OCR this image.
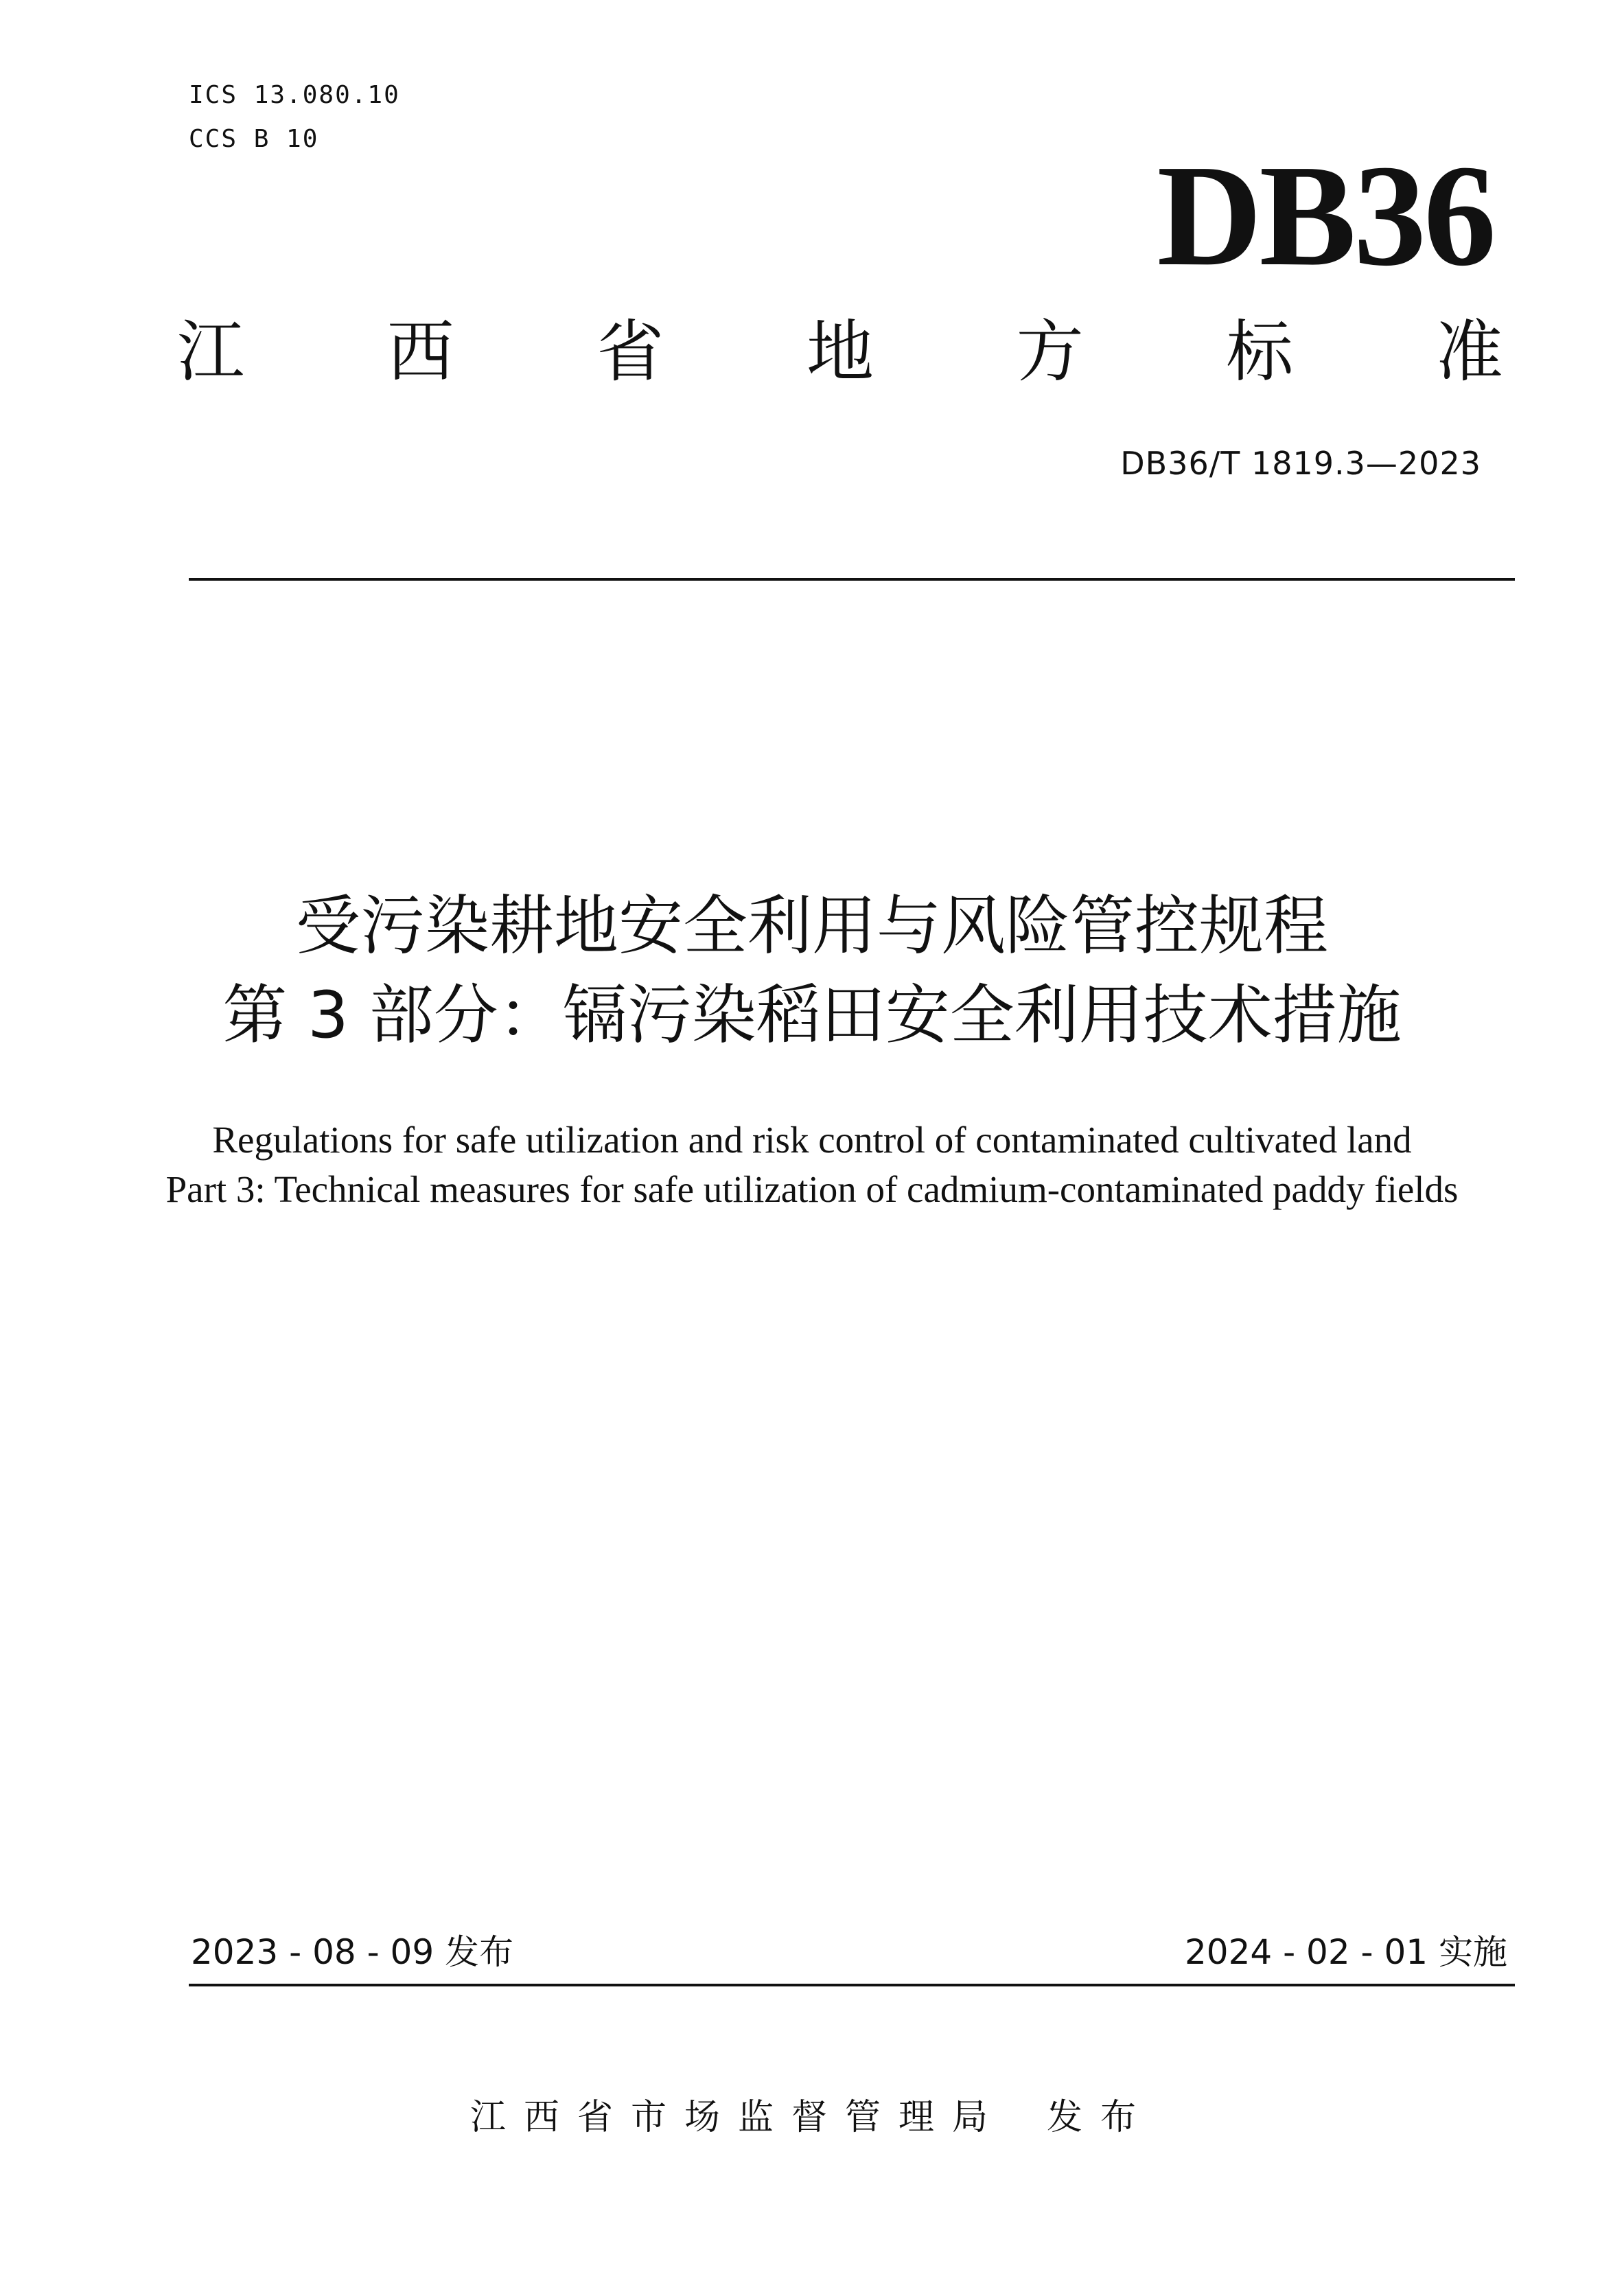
ICS 13.080.10
CCS B 10	DB36
江 西 省 地 方 标 准
DB36/T 1819.3—2023
受污染耕地安全利用与风险管控规程
第 3 部分：镉污染稻田安全利用技术措施
Regulations for safe utilization and risk control of contaminated cultivated land
Part 3: Technical measures for safe utilization of cadmium-contaminated paddy fields
2023 - 08 - 09 发布	2024 - 02 - 01 实施
江西省市场监督管理局 发布
